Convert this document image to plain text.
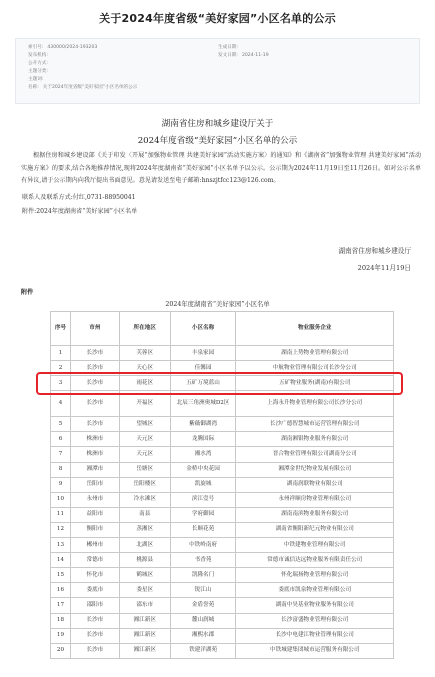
关于2024年度省级“美好家园”小区名单的公示
索引号: 430000/2024-193203
发布机构:
公开方式:
主题分类:
主题词:
名称: 关于2024年度省级“美好家园”小区名单的公示
生成日期:
发文日期: 2024-11-19
湖南省住房和城乡建设厅关于
2024年度省级“美好家园”小区名单的公示

根据住房和城乡建设部《关于印发〈开展“加强物业管理 共建美好家园”活动实施方案〉的通知》和《湖南省“加强物业管理 共建美好家园”活动实施方案》的要求,结合各地推荐情况,现将2024年度湖南省“美好家园”小区名单予以公示。公示期为2024年11月19日至11月26日。如对公示名单有异议,请于公示期内向我厅提出书面意见。意见请发送至电子邮箱:hnszjtfcc123@126.com。

联系人及联系方式:付红,0731-88950041

附件:2024年度湖南省“美好家园”小区名单

湖南省住房和城乡建设厅
2024年11月19日
附件
2024年度湖南省“美好家园”小区名单
序号	市州	所在地区	小区名称	物业服务企业
1	长沙市	芙蓉区	丰泉家园	湖南上势物业管理有限公司
2	长沙市	天心区	佳馨园	中航物业管理有限公司长沙分公司
3	长沙市	雨花区	五矿万境蓝山	五矿物业服务(湖南)有限公司
4	长沙市	开福区	北辰三角洲奥城D2区	上海永升物业管理有限公司长沙分公司
5	长沙市	望城区	紫薇御湖湾	长沙广德智慧城市运营管理有限公司
6	株洲市	天元区	龙腾国际	湖南湘银物业服务有限公司
7	株洲市	天元区	湘水湾	晋合物业管理有限公司湖南分公司
8	湘潭市	岳塘区	金桥中央花园	湘潭金世纪物业发展有限公司
9	岳阳市	岳阳楼区	凯旋城	湖南润联物业有限公司
10	永州市	冷水滩区	滨江壹号	永州祥顺房物业管理有限公司
11	益阳市	南县	学府御园	湖南南滨物业服务有限公司
12	衡阳市	蒸湘区	长顺花苑	湖南省衡阳新纪元物业有限公司
13	郴州市	北湖区	中铁岭南府	中铁建物业管理有限公司
14	常德市	桃源县	书香苑	常德市诚信达远物业服务有限责任公司
15	怀化市	鹤城区	凯隆名门	怀化瑞扬物业管理有限公司
16	娄底市	娄星区	锐江山	娄底市凯泉物业管理有限公司
17	邵阳市	邵东市	金盾誉苑	湖南中昊基业物业服务有限公司
18	长沙市	湘江新区	麓山润城	长沙富盛物业管理有限公司
19	长沙市	湘江新区	湘熙水郡	长沙中电建江物业管理有限公司
20	长沙市	湘江新区	铁建洋湖苑	中铁城建集团城市运营服务有限公司
